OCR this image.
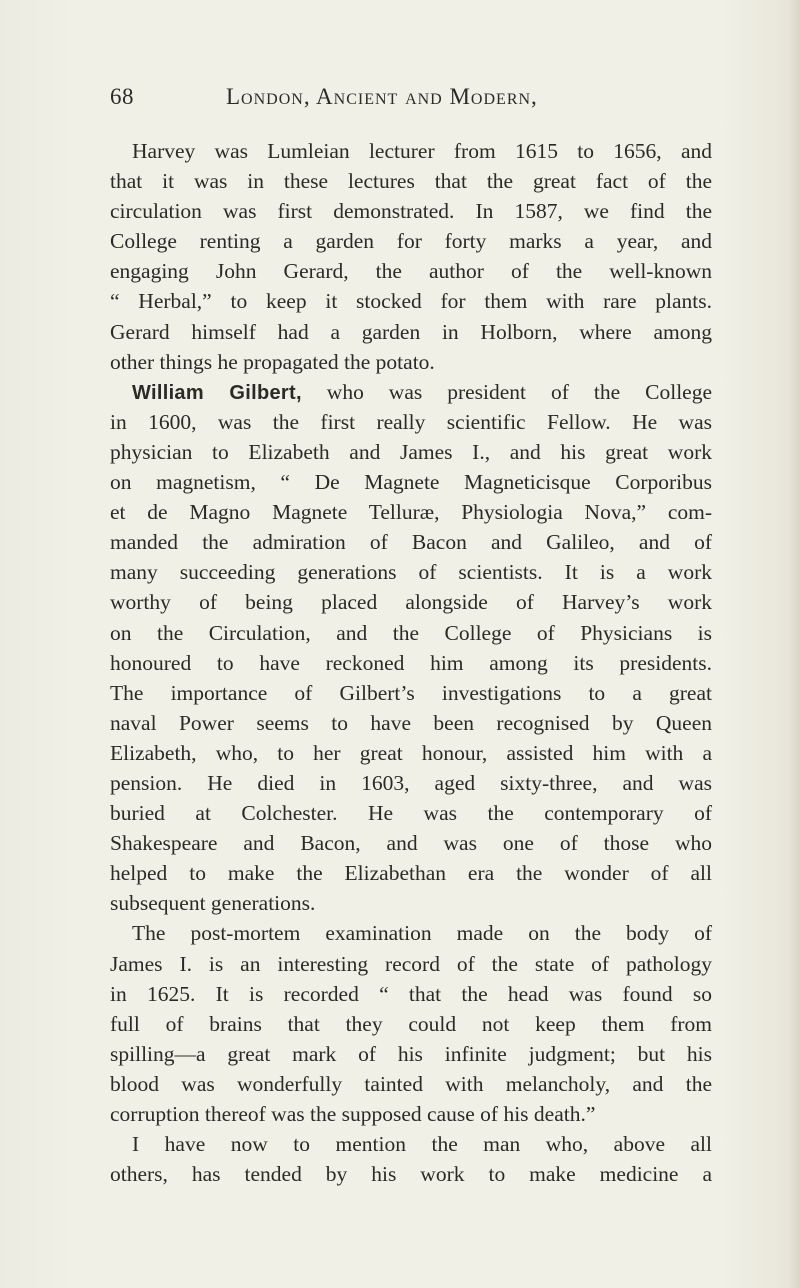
68	London, Ancient and Modern,
Harvey was Lumleian lecturer from 1615 to 1656, and
that it was in these lectures that the great fact of the
circulation was first demonstrated. In 1587, we find the
College renting a garden for forty marks a year, and
engaging John Gerard, the author of the well-known
“ Herbal,” to keep it stocked for them with rare plants.
Gerard himself had a garden in Holborn, where among
other things he propagated the potato.
William Gilbert, who was president of the College
in 1600, was the first really scientific Fellow. He was
physician to Elizabeth and James I., and his great work
on magnetism, “ De Magnete Magneticisque Corporibus
et de Magno Magnete Telluræ, Physiologia Nova,” com-
manded the admiration of Bacon and Galileo, and of
many succeeding generations of scientists. It is a work
worthy of being placed alongside of Harvey’s work
on the Circulation, and the College of Physicians is
honoured to have reckoned him among its presidents.
The importance of Gilbert’s investigations to a great
naval Power seems to have been recognised by Queen
Elizabeth, who, to her great honour, assisted him with a
pension. He died in 1603, aged sixty-three, and was
buried at Colchester. He was the contemporary of
Shakespeare and Bacon, and was one of those who
helped to make the Elizabethan era the wonder of all
subsequent generations.
The post-mortem examination made on the body of
James I. is an interesting record of the state of pathology
in 1625. It is recorded “ that the head was found so
full of brains that they could not keep them from
spilling—a great mark of his infinite judgment; but his
blood was wonderfully tainted with melancholy, and the
corruption thereof was the supposed cause of his death.”
I have now to mention the man who, above all
others, has tended by his work to make medicine a
